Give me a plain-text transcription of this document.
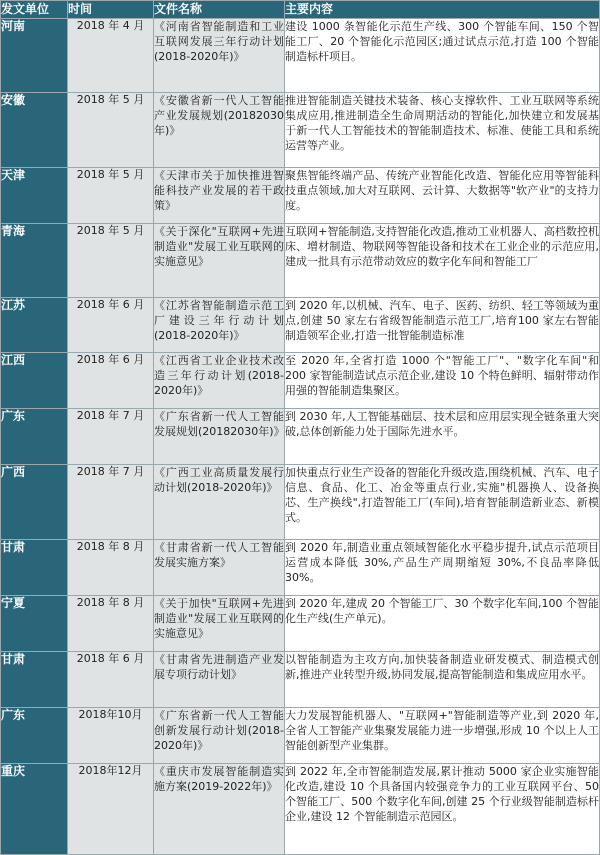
发文单位	时间	文件名称	主要内容
河南	2018 年 4 月	《河南省智能制造和工业互联网发展三年行动计划(2018-2020年)》	建设 1000 条智能化示范生产线、300 个智能车间、150 个智能工厂、20 个智能化示范园区;通过试点示范,打造 100 个智能制造标杆项目。
安徽	2018 年 5 月	《安徽省新一代人工智能产业发展规划(20182030年)》	推进智能制造关键技术装备、核心支撑软件、工业互联网等系统集成应用,推进制造全生命周期活动的智能化,加快建立和发展基于新一代人工智能技术的智能制造技术、标准、使能工具和系统运营等产业。
天津	2018 年 5 月	《天津市关于加快推进智能科技产业发展的若干政策》	聚焦智能终端产品、传统产业智能化改造、智能化应用等智能科技重点领域,加大对互联网、云计算、大数据等"软产业"的支持力度。
青海	2018 年 5 月	《关于深化"互联网+先进制造业"发展工业互联网的实施意见》	互联网+智能制造,支持智能化改造,推动工业机器人、高档数控机床、增材制造、物联网等智能设备和技术在工业企业的示范应用,建成一批具有示范带动效应的数字化车间和智能工厂
江苏	2018 年 6 月	《江苏省智能制造示范工厂建设三年行动计划(2018-2020年)》	到 2020 年,以机械、汽车、电子、医药、纺织、轻工等领域为重点,创建 50 家左右省级智能制造示范工厂,培育100 家左右智能制造领军企业,打造一批智能制造标准
江西	2018 年 6 月	《江西省工业企业技术改造三年行动计划(2018-2020年)》	至 2020 年,全省打造 1000 个"智能工厂"、"数字化车间"和 200 家智能制造试点示范企业,建设 10 个特色鲜明、辐射带动作用强的智能制造集聚区。
广东	2018 年 7 月	《广东省新一代人工智能发展规划(20182030年)》	到 2030 年,人工智能基础层、技术层和应用层实现全链条重大突破,总体创新能力处于国际先进水平。
广西	2018 年 7 月	《广西工业高质量发展行动计划(2018-2020年)》	加快重点行业生产设备的智能化升级改造,围绕机械、汽车、电子信息、食品、化工、冶金等重点行业,实施"机器换人、设备换芯、生产换线",打造智能工厂(车间),培育智能制造新业态、新模式。
甘肃	2018 年 8 月	《甘肃省新一代人工智能发展实施方案》	到 2020 年,制造业重点领域智能化水平稳步提升,试点示范项目运营成本降低 30%,产品生产周期缩短 30%,不良品率降低 30%。
宁夏	2018 年 8 月	《关于加快"互联网+先进制造业"发展工业互联网的实施意见》	到 2020 年,建成 20 个智能工厂、30 个数字化车间,100 个智能化生产线(生产单元)。
甘肃	2018 年 6 月	《甘肃省先进制造产业发展专项行动计划》	以智能制造为主攻方向,加快装备制造业研发模式、制造模式创新,推进产业转型升级,协同发展,提高智能制造和集成应用水平。
广东	2018年10月	《广东省新一代人工智能创新发展行动计划(2018-2020年)》	大力发展智能机器人、"互联网+"智能制造等产业,到 2020 年,全省人工智能产业集聚发展能力进一步增强,形成 10 个以上人工智能创新型产业集群。
重庆	2018年12月	《重庆市发展智能制造实施方案(2019-2022年)》	到 2022 年,全市智能制造发展,累计推动 5000 家企业实施智能化改造,建设 10 个具备国内较强竞争力的工业互联网平台、50 个智能工厂、500 个数字化车间,创建 25 个行业级智能制造标杆企业,建设 12 个智能制造示范园区。
